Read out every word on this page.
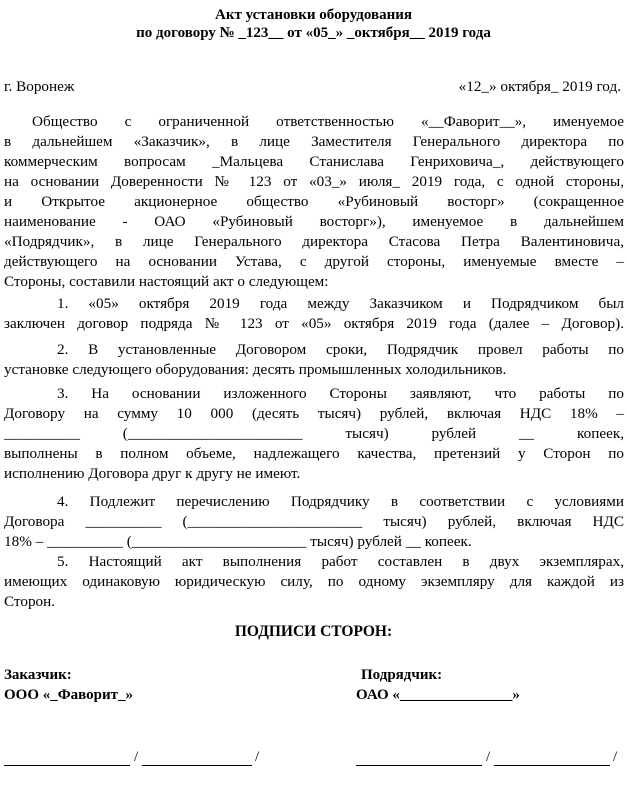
Акт установки оборудования
по договору № _123__ от «05_» _октября__ 2019 года
г. Воронеж	«12_» октября_ 2019 год.
Общество с ограниченной ответственностью «__Фаворит__», именуемое
в дальнейшем «Заказчик», в лице Заместителя Генерального директора по
коммерческим вопросам _Мальцева Станислава Генриховича_, действующего
на основании Доверенности № 123 от «03_» июля_ 2019 года, с одной стороны,
и Открытое акционерное общество «Рубиновый восторг» (сокращенное
наименование - ОАО «Рубиновый восторг»), именуемое в дальнейшем
«Подрядчик», в лице Генерального директора Стасова Петра Валентиновича,
действующего на основании Устава, с другой стороны, именуемые вместе –
Стороны, составили настоящий акт о следующем:
1. «05» октября 2019 года между Заказчиком и Подрядчиком был
заключен договор подряда № 123 от «05» октября 2019 года (далее – Договор).
2. В установленные Договором сроки, Подрядчик провел работы по
установке следующего оборудования: десять промышленных холодильников.
3. На основании изложенного Стороны заявляют, что работы по
Договору на сумму 10 000 (десять тысяч) рублей, включая НДС 18% –
__________ (_______________________ тысяч) рублей __ копеек,
выполнены в полном объеме, надлежащего качества, претензий у Сторон по
исполнению Договора друг к другу не имеют.
4. Подлежит перечислению Подрядчику в соответствии с условиями
Договора __________ (_______________________ тысяч) рублей, включая НДС
18% – __________ (_______________________ тысяч) рублей __ копеек.
5. Настоящий акт выполнения работ составлен в двух экземплярах,
имеющих одинаковую юридическую силу, по одному экземпляру для каждой из
Сторон.
ПОДПИСИ СТОРОН:
Заказчик:
ООО «_Фаворит_»
Подрядчик:
ОАО «_______________»
/	/	/	/
